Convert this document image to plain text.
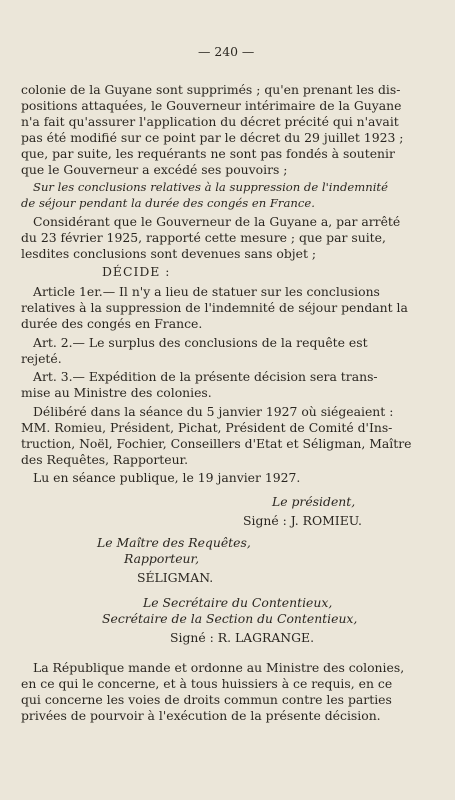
— 240 —

colonie de la Guyane sont supprimés ; qu'en prenant les dis-

positions attaquées, le Gouverneur intérimaire de la Guyane

n'a fait qu'assurer l'application du décret précité qui n'avait

pas été modifié sur ce point par le décret du 29 juillet 1923 ;

que, par suite, les requérants ne sont pas fondés à soutenir

que le Gouverneur a excédé ses pouvoirs ;

Sur les conclusions relatives à la suppression de l'indemnité

de séjour pendant la durée des congés en France.

Considérant que le Gouverneur de la Guyane a, par arrêté

du 23 février 1925, rapporté cette mesure ; que par suite,

lesdites conclusions sont devenues sans objet ;

DÉCIDE :

Article 1er.— Il n'y a lieu de statuer sur les conclusions

relatives à la suppression de l'indemnité de séjour pendant la

durée des congés en France.

Art. 2.— Le surplus des conclusions de la requête est

rejeté.

Art. 3.— Expédition de la présente décision sera trans-

mise au Ministre des colonies.

Délibéré dans la séance du 5 janvier 1927 où siégeaient :

MM. Romieu, Président, Pichat, Président de Comité d'Ins-

truction, Noël, Fochier, Conseillers d'Etat et Séligman, Maître

des Requêtes, Rapporteur.

Lu en séance publique, le 19 janvier 1927.

Le président,

Signé : J. ROMIEU.

Le Maître des Requêtes,

Rapporteur,

SÉLIGMAN.

Le Secrétaire du Contentieux,

Secrétaire de la Section du Contentieux,

Signé : R. LAGRANGE.

La République mande et ordonne au Ministre des colonies,

en ce qui le concerne, et à tous huissiers à ce requis, en ce

qui concerne les voies de droits commun contre les parties

privées de pourvoir à l'exécution de la présente décision.
